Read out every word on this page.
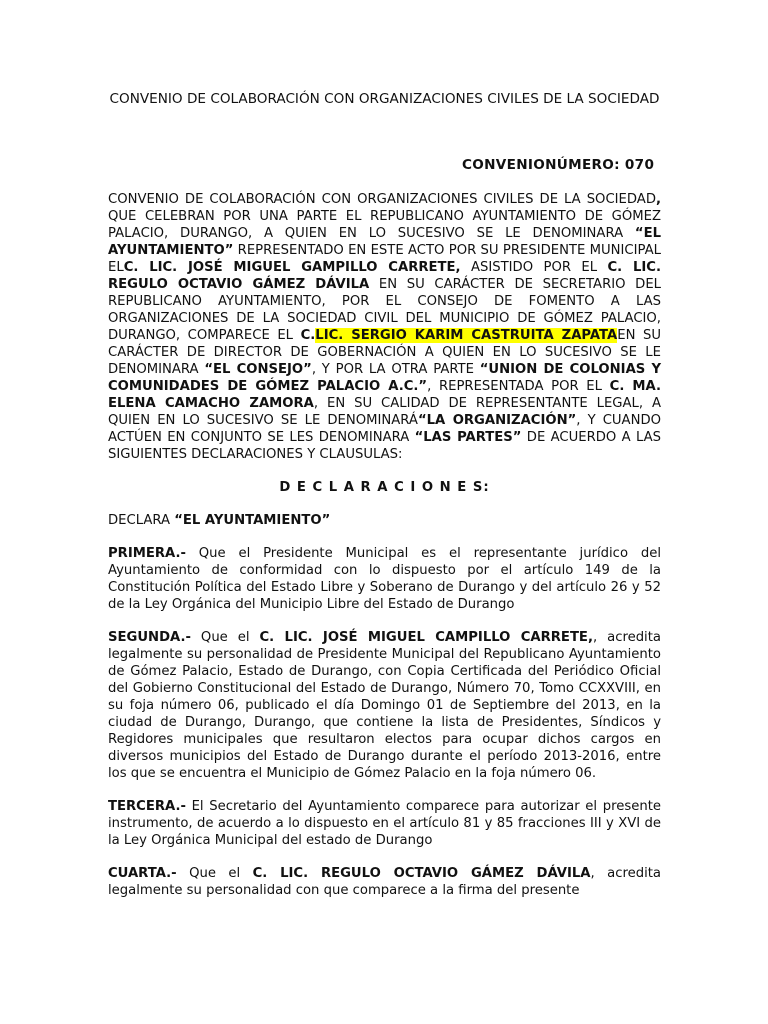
CONVENIO DE COLABORACIÓN CON ORGANIZACIONES CIVILES DE LA SOCIEDAD
CONVENIONÚMERO: 070

CONVENIO DE COLABORACIÓN CON ORGANIZACIONES CIVILES DE LA SOCIEDAD, QUE CELEBRAN POR UNA PARTE EL REPUBLICANO AYUNTAMIENTO DE GÓMEZ PALACIO, DURANGO, A QUIEN EN LO SUCESIVO SE LE DENOMINARA “EL AYUNTAMIENTO” REPRESENTADO EN ESTE ACTO POR SU PRESIDENTE MUNICIPAL ELC. LIC. JOSÉ MIGUEL GAMPILLO CARRETE, ASISTIDO POR EL C. LIC. REGULO OCTAVIO GÁMEZ DÁVILA EN SU CARÁCTER DE SECRETARIO DEL REPUBLICANO AYUNTAMIENTO, POR EL CONSEJO DE FOMENTO A LAS ORGANIZACIONES DE LA SOCIEDAD CIVIL DEL MUNICIPIO DE GÓMEZ PALACIO, DURANGO, COMPARECE EL C.LIC. SERGIO KARIM CASTRUITA ZAPATAEN SU CARÁCTER DE DIRECTOR DE GOBERNACIÓN A QUIEN EN LO SUCESIVO SE LE DENOMINARA “EL CONSEJO”, Y POR LA OTRA PARTE “UNION DE COLONIAS Y COMUNIDADES DE GÓMEZ PALACIO A.C.”, REPRESENTADA POR EL C. MA. ELENA CAMACHO ZAMORA, EN SU CALIDAD DE REPRESENTANTE LEGAL, A QUIEN EN LO SUCESIVO SE LE DENOMINARÁ“LA ORGANIZACIÓN”, Y CUANDO ACTÚEN EN CONJUNTO SE LES DENOMINARA “LAS PARTES” DE ACUERDO A LAS SIGUIENTES DECLARACIONES Y CLAUSULAS:

D E C L A R A C I O N E S:

DECLARA “EL AYUNTAMIENTO”

PRIMERA.- Que el Presidente Municipal es el representante jurídico del Ayuntamiento de conformidad con lo dispuesto por el artículo 149 de la Constitución Política del Estado Libre y Soberano de Durango y del artículo 26 y 52 de la Ley Orgánica del Municipio Libre del Estado de Durango

SEGUNDA.- Que el C. LIC. JOSÉ MIGUEL CAMPILLO CARRETE,, acredita legalmente su personalidad de Presidente Municipal del Republicano Ayuntamiento de Gómez Palacio, Estado de Durango, con Copia Certificada del Periódico Oficial del Gobierno Constitucional del Estado de Durango, Número 70, Tomo CCXXVIII, en su foja número 06, publicado el día Domingo 01 de Septiembre del 2013, en la ciudad de Durango, Durango, que contiene la lista de Presidentes, Síndicos y Regidores municipales que resultaron electos para ocupar dichos cargos en diversos municipios del Estado de Durango durante el período 2013-2016, entre los que se encuentra el Municipio de Gómez Palacio en la foja número 06.

TERCERA.- El Secretario del Ayuntamiento comparece para autorizar el presente instrumento, de acuerdo a lo dispuesto en el artículo 81 y 85 fracciones III y XVI de la Ley Orgánica Municipal del estado de Durango

CUARTA.- Que el C. LIC. REGULO OCTAVIO GÁMEZ DÁVILA, acredita legalmente su personalidad con que comparece a la firma del presente
